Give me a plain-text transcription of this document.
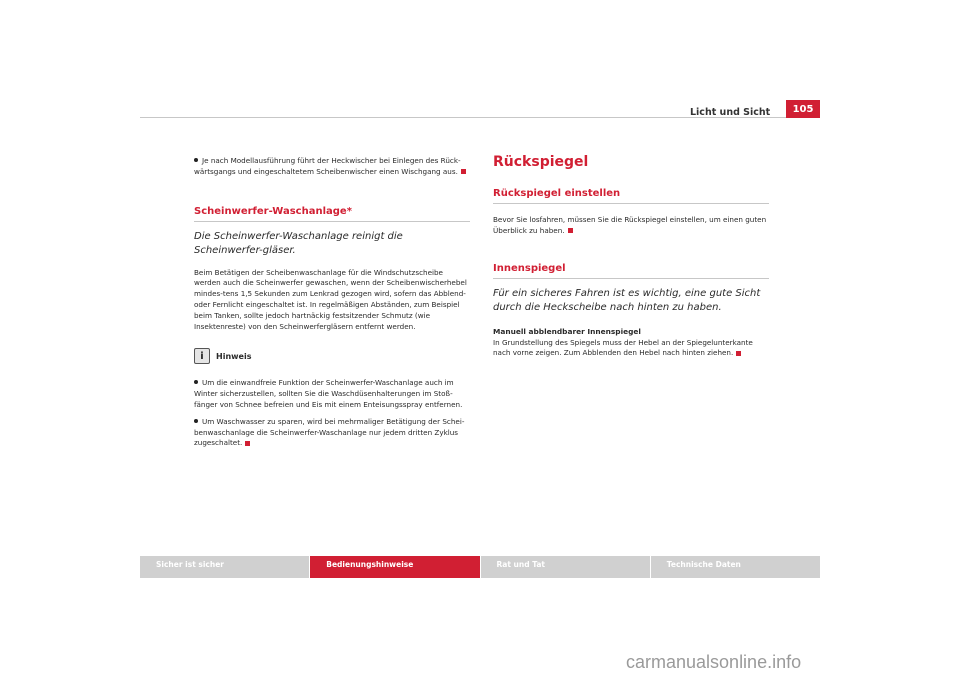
Licht und Sicht	105

Je nach Modellausführung führt der Heckwischer bei Einlegen des Rück-wärtsgangs und eingeschaltetem Scheibenwischer einen Wischgang aus.

Scheinwerfer-Waschanlage*

Die Scheinwerfer-Waschanlage reinigt die Scheinwerfer-gläser.

Beim Betätigen der Scheibenwaschanlage für die Windschutzscheibe werden auch die Scheinwerfer gewaschen, wenn der Scheibenwischerhebel mindes-tens 1,5 Sekunden zum Lenkrad gezogen wird, sofern das Abblend- oder Fernlicht eingeschaltet ist. In regelmäßigen Abständen, zum Beispiel beim Tanken, sollte jedoch hartnäckig festsitzender Schmutz (wie Insektenreste) von den Scheinwerfergläsern entfernt werden.

i	Hinweis

Um die einwandfreie Funktion der Scheinwerfer-Waschanlage auch im Winter sicherzustellen, sollten Sie die Waschdüsenhalterungen im Stoß-fänger von Schnee befreien und Eis mit einem Enteisungsspray entfernen.

Um Waschwasser zu sparen, wird bei mehrmaliger Betätigung der Schei-benwaschanlage die Scheinwerfer-Waschanlage nur jedem dritten Zyklus zugeschaltet.

Rückspiegel
Rückspiegel einstellen

Bevor Sie losfahren, müssen Sie die Rückspiegel einstellen, um einen guten Überblick zu haben.

Innenspiegel

Für ein sicheres Fahren ist es wichtig, eine gute Sicht durch die Heckscheibe nach hinten zu haben.

Manuell abblendbarer Innenspiegel

In Grundstellung des Spiegels muss der Hebel an der Spiegelunterkante nach vorne zeigen. Zum Abblenden den Hebel nach hinten ziehen.

Sicher ist sicher	Bedienungshinweise	Rat und Tat	Technische Daten
carmanualsonline.info
